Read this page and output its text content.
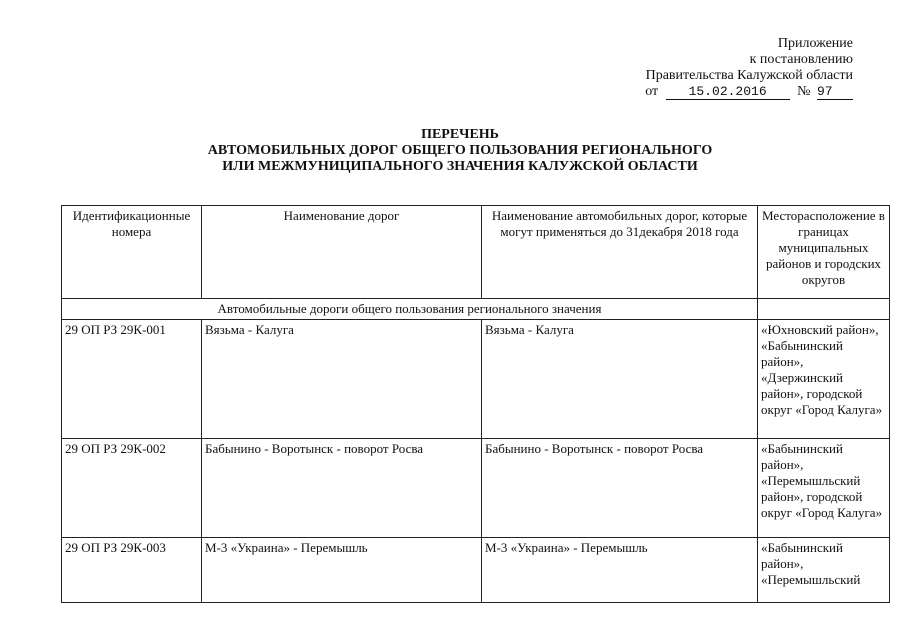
Приложение
к постановлению
Правительства Калужской области
от 15.02.2016 № 97
ПЕРЕЧЕНЬ
АВТОМОБИЛЬНЫХ ДОРОГ ОБЩЕГО ПОЛЬЗОВАНИЯ РЕГИОНАЛЬНОГО
ИЛИ МЕЖМУНИЦИПАЛЬНОГО ЗНАЧЕНИЯ КАЛУЖСКОЙ ОБЛАСТИ
Идентификационные номера	Наименование дорог	Наименование автомобильных дорог, которые могут применяться до 31декабря 2018 года	Месторасположение в границах муниципальных районов и городских округов
Автомобильные дороги общего пользования регионального значения			
29 ОП РЗ 29К-001	Вязьма - Калуга	Вязьма - Калуга	«Юхновский район», «Бабынинский район», «Дзержинский район», городской округ «Город Калуга»
29 ОП РЗ 29К-002	Бабынино - Воротынск - поворот Росва	Бабынино - Воротынск - поворот Росва	«Бабынинский район», «Перемышльский район», городской округ «Город Калуга»
29 ОП РЗ 29К-003	М-3 «Украина» - Перемышль	М-3 «Украина» - Перемышль	«Бабынинский район», «Перемышльский
